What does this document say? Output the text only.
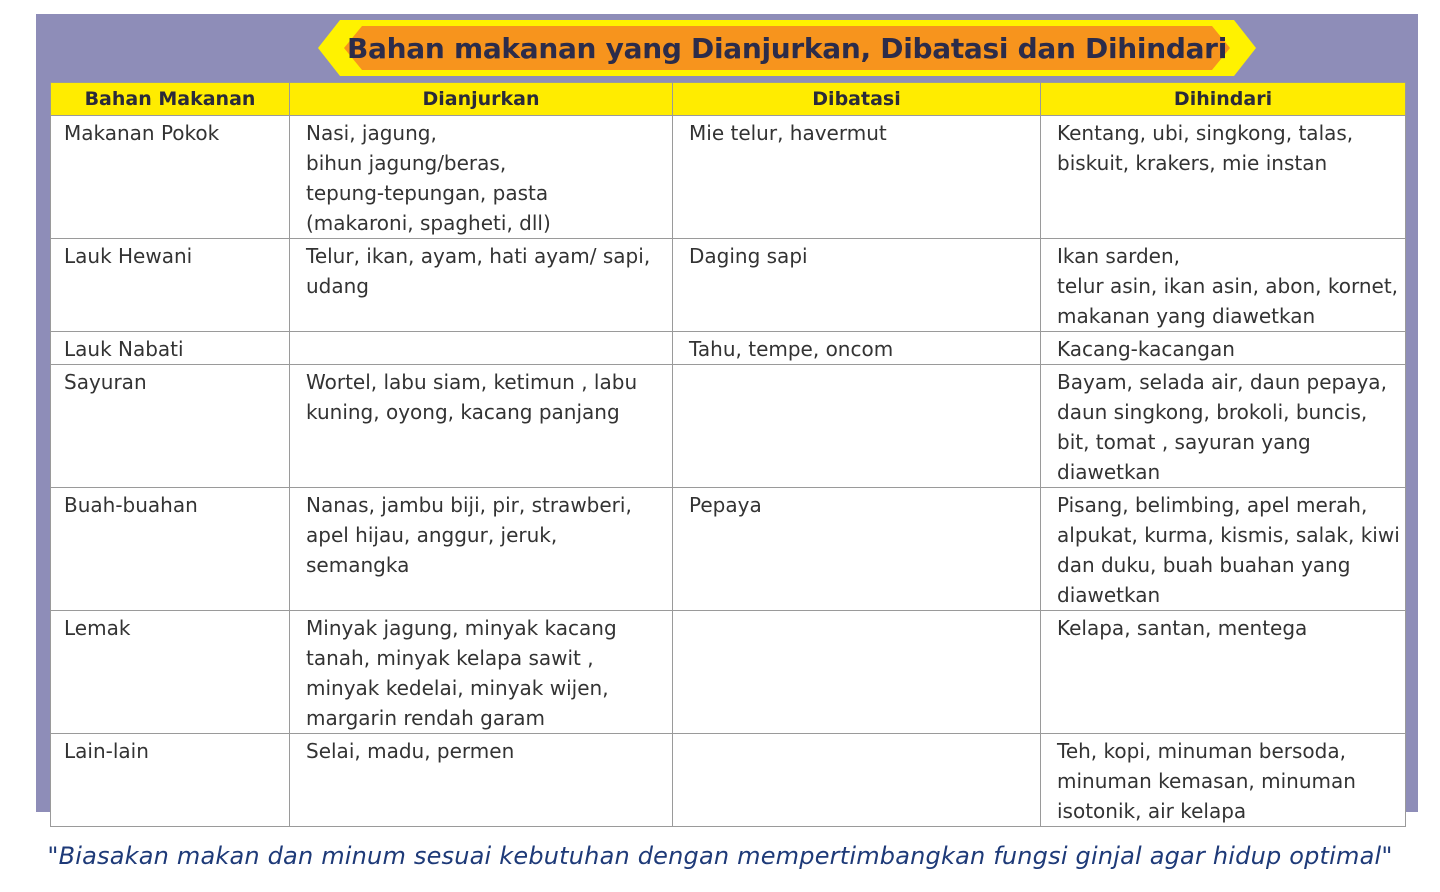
Bahan makanan yang Dianjurkan, Dibatasi dan Dihindari
Bahan Makanan	Dianjurkan	Dibatasi	Dihindari

Makanan Pokok	Nasi, jagung,
bihun jagung/beras,
tepung-tepungan, pasta
(makaroni, spagheti, dll)	Mie telur, havermut	Kentang, ubi, singkong, talas,
biskuit, krakers, mie instan

Lauk Hewani	Telur, ikan, ayam, hati ayam/ sapi,
udang	Daging sapi	Ikan sarden,
telur asin, ikan asin, abon, kornet,
makanan yang diawetkan

Lauk Nabati		Tahu, tempe, oncom	Kacang-kacangan

Sayuran	Wortel, labu siam, ketimun , labu
kuning, oyong, kacang panjang		Bayam, selada air, daun pepaya,
daun singkong, brokoli, buncis,
bit, tomat , sayuran yang
diawetkan

Buah-buahan	Nanas, jambu biji, pir, strawberi,
apel hijau, anggur, jeruk,
semangka	Pepaya	Pisang, belimbing, apel merah,
alpukat, kurma, kismis, salak, kiwi
dan duku, buah buahan yang
diawetkan

Lemak	Minyak jagung, minyak kacang
tanah, minyak kelapa sawit ,
minyak kedelai, minyak wijen,
margarin rendah garam		Kelapa, santan, mentega

Lain-lain	Selai, madu, permen		Teh, kopi, minuman bersoda,
minuman kemasan, minuman
isotonik, air kelapa
"Biasakan makan dan minum sesuai kebutuhan dengan mempertimbangkan fungsi ginjal agar hidup optimal"
